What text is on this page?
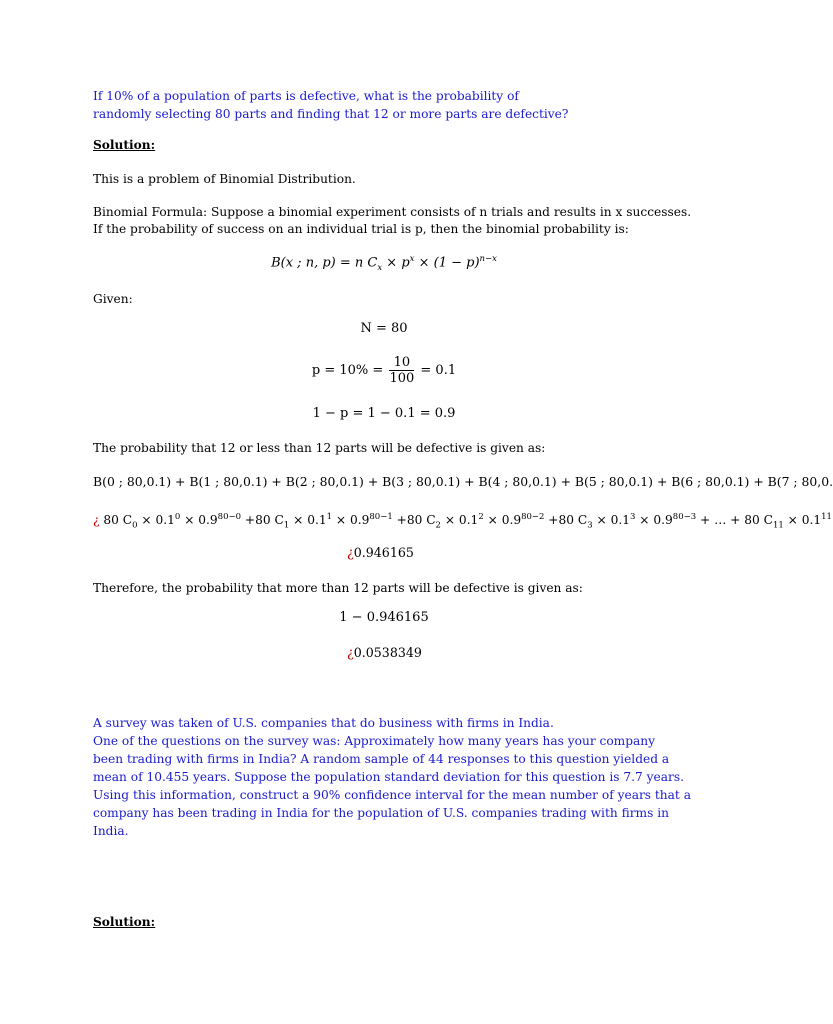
If 10% of a population of parts is defective, what is the probability of
randomly selecting 80 parts and finding that 12 or more parts are defective?
Solution:
This is a problem of Binomial Distribution.
Binomial Formula: Suppose a binomial experiment consists of n trials and results in x successes.
If the probability of success on an individual trial is p, then the binomial probability is:
B(x ; n, p) = n $C_x \times p^x \times (1 - p)^{n-x}$
Given:
N = 80
$p = 10\% = \frac{10}{100} = 0.1$
1 − p = 1 − 0.1 = 0.9
The probability that 12 or less than 12 parts will be defective is given as:
B(0 ; 80,0.1) + B(1 ; 80,0.1) + B(2 ; 80,0.1) + B(3 ; 80,0.1) + B(4 ; 80,0.1) + B(5 ; 80,0.1) + B(6 ; 80,0.1) + B(7 ; 80,0.
¿ 80 $C_0 \times 0.1^0 \times 0.9^{80-0} +80$ $C_1 \times 0.1^1 \times 0.9^{80-1} +80$ $C_2 \times 0.1^2 \times 0.9^{80-2} +80$ $C_3 \times 0.1^3 \times 0.9^{80-3}$ + … + 80 $C_{11} \times 0.1^{11}$
¿0.946165
Therefore, the probability that more than 12 parts will be defective is given as:
1 − 0.946165
¿0.0538349
A survey was taken of U.S. companies that do business with firms in India.
One of the questions on the survey was: Approximately how many years has your company
been trading with firms in India? A random sample of 44 responses to this question yielded a
mean of 10.455 years. Suppose the population standard deviation for this question is 7.7 years.
Using this information, construct a 90% confidence interval for the mean number of years that a
company has been trading in India for the population of U.S. companies trading with firms in
India.
Solution:
